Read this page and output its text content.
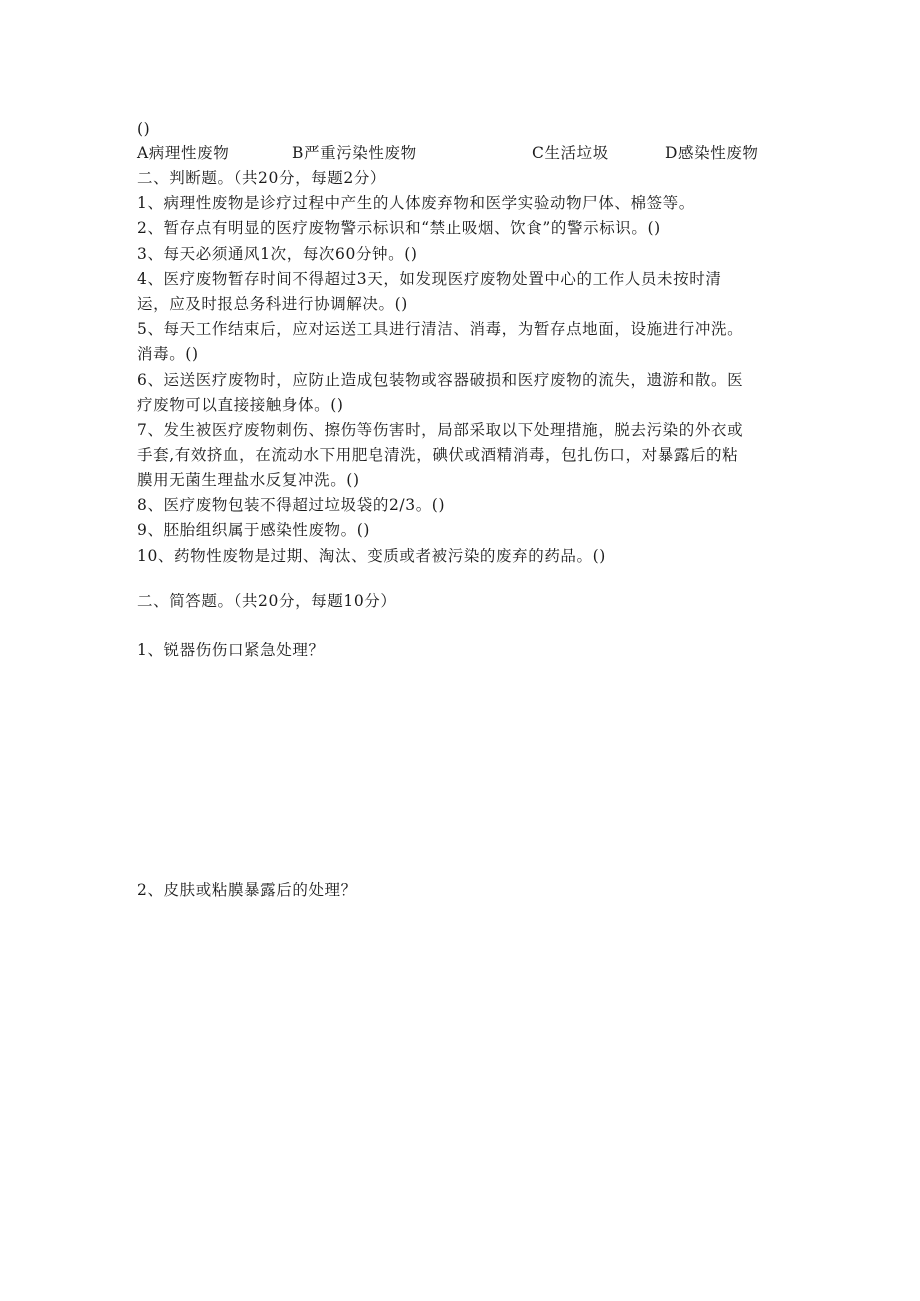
()
A病理性废物	B严重污染性废物	C生活垃圾	D感染性废物
二、判断题。（共20分，每题2分）
1、病理性废物是诊疗过程中产生的人体废弃物和医学实验动物尸体、棉签等。
2、暂存点有明显的医疗废物警示标识和“禁止吸烟、饮食”的警示标识。()
3、每天必须通风1次，每次60分钟。()
4、医疗废物暂存时间不得超过3天，如发现医疗废物处置中心的工作人员未按时清
运，应及时报总务科进行协调解决。()
5、每天工作结束后，应对运送工具进行清洁、消毒，为暂存点地面，设施进行冲洗。
消毒。()
6、运送医疗废物时，应防止造成包装物或容器破损和医疗废物的流失，遗游和散。医
疗废物可以直接接触身体。()
7、发生被医疗废物刺伤、擦伤等伤害时，局部采取以下处理措施，脱去污染的外衣或
手套,有效挤血，在流动水下用肥皂清洗，碘伏或酒精消毒，包扎伤口，对暴露后的粘
膜用无菌生理盐水反复冲洗。()
8、医疗废物包装不得超过垃圾袋的2/3。()
9、胚胎组织属于感染性废物。()
10、药物性废物是过期、淘汰、变质或者被污染的废弃的药品。()
二、简答题。（共20分，每题10分）
1、锐器伤伤口紧急处理？
2、皮肤或粘膜暴露后的处理？
